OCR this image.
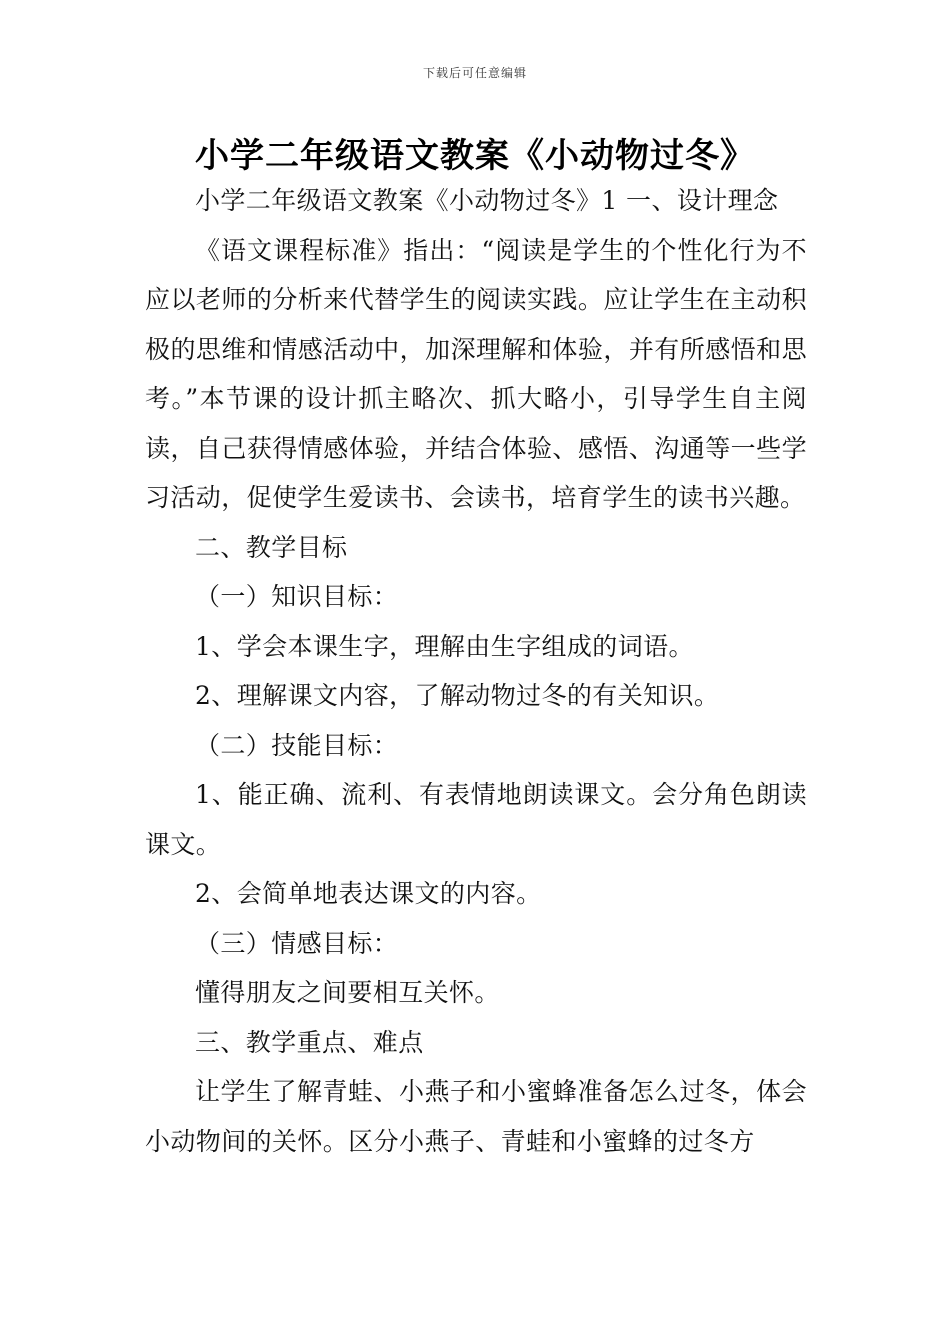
下载后可任意编辑
小学二年级语文教案《小动物过冬》

小学二年级语文教案《小动物过冬》1 一、设计理念

《语文课程标准》指出：“阅读是学生的个性化行为不应以老师的分析来代替学生的阅读实践。应让学生在主动积极的思维和情感活动中，加深理解和体验，并有所感悟和思考。”本节课的设计抓主略次、抓大略小，引导学生自主阅读，自己获得情感体验，并结合体验、感悟、沟通等一些学习活动，促使学生爱读书、会读书，培育学生的读书兴趣。

二、教学目标

（一）知识目标：

1、学会本课生字，理解由生字组成的词语。

2、理解课文内容，了解动物过冬的有关知识。

（二）技能目标：

1、能正确、流利、有表情地朗读课文。会分角色朗读课文。

2、会简单地表达课文的内容。

（三）情感目标：

懂得朋友之间要相互关怀。

三、教学重点、难点

让学生了解青蛙、小燕子和小蜜蜂准备怎么过冬，体会小动物间的关怀。区分小燕子、青蛙和小蜜蜂的过冬方
